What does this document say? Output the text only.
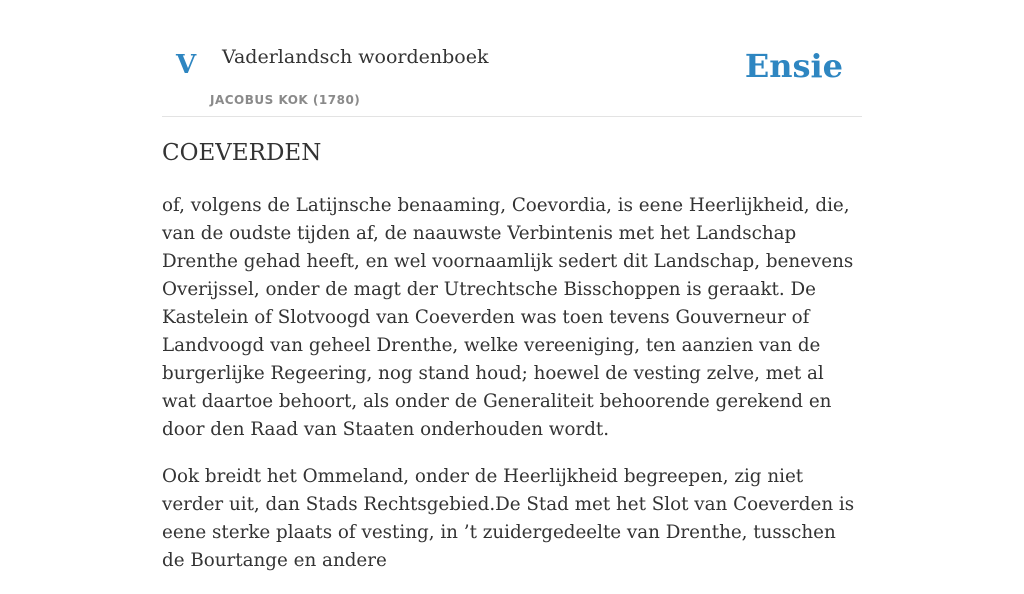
V Vaderlandsch woordenboek
JACOBUS KOK (1780)
Ensie
COEVERDEN

of, volgens de Latijnsche benaaming, Coevordia, is eene Heerlijkheid, die, van de oudste tijden af, de naauwste Verbintenis met het Landschap Drenthe gehad heeft, en wel voornaamlijk sedert dit Landschap, benevens Overijssel, onder de magt der Utrechtsche Bisschoppen is geraakt. De Kastelein of Slotvoogd van Coeverden was toen tevens Gouverneur of Landvoogd van geheel Drenthe, welke vereeniging, ten aanzien van de burgerlijke Regeering, nog stand houd; hoewel de vesting zelve, met al wat daartoe behoort, als onder de Generaliteit behoorende gerekend en door den Raad van Staaten onderhouden wordt.

Ook breidt het Ommeland, onder de Heerlijkheid begreepen, zig niet verder uit, dan Stads Rechtsgebied.De Stad met het Slot van Coeverden is eene sterke plaats of vesting, in ’t zuidergedeelte van Drenthe, tusschen de Bourtange en andere
